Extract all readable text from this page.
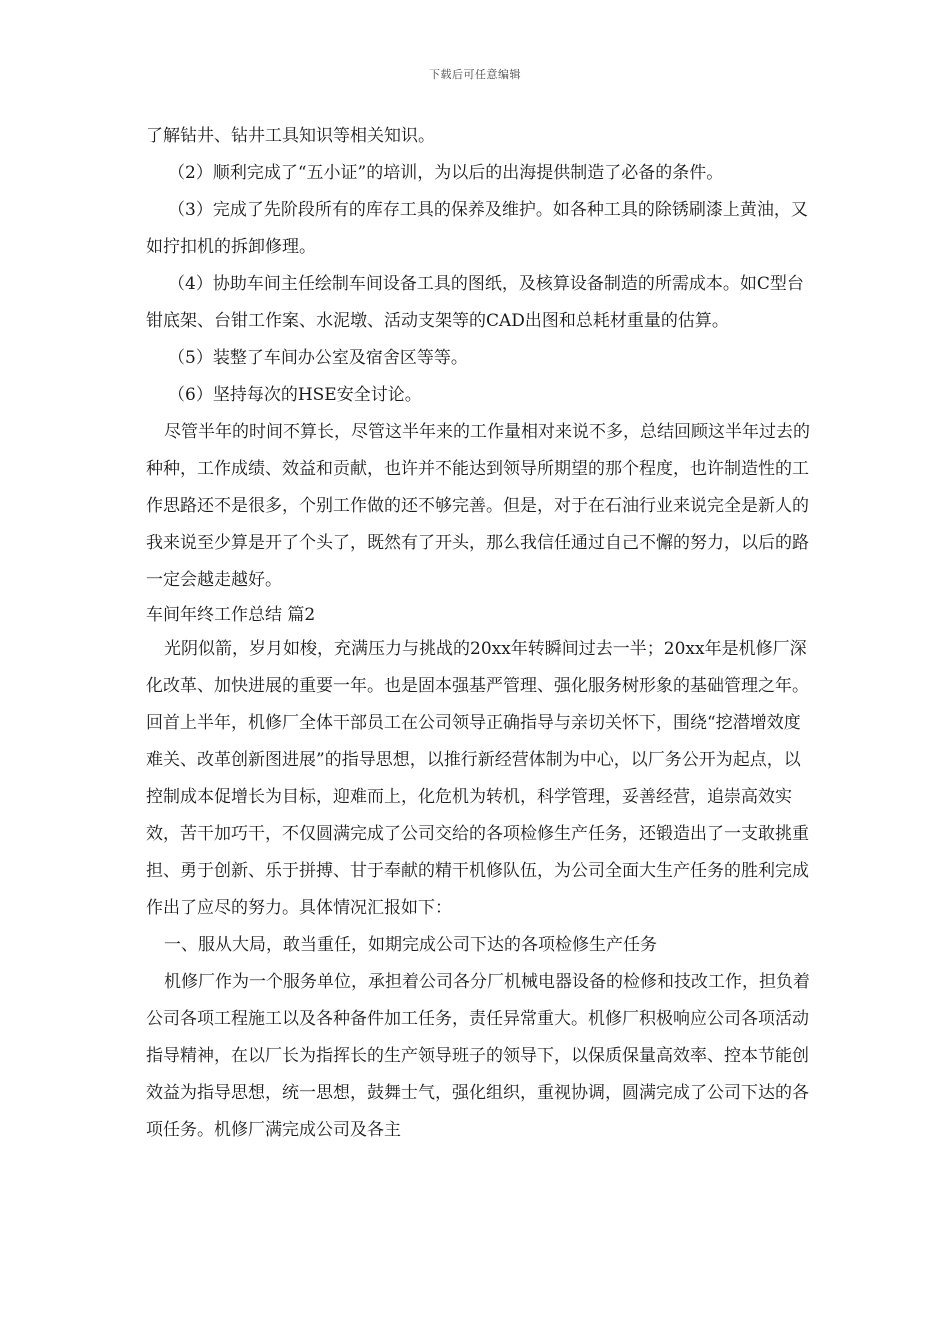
下载后可任意编辑

了解钻井、钻井工具知识等相关知识。

（2）顺利完成了“五小证”的培训，为以后的出海提供制造了必备的条件。

（3）完成了先阶段所有的库存工具的保养及维护。如各种工具的除锈刷漆上黄油，又如拧扣机的拆卸修理。

（4）协助车间主任绘制车间设备工具的图纸，及核算设备制造的所需成本。如C型台钳底架、台钳工作案、水泥墩、活动支架等的CAD出图和总耗材重量的估算。

（5）装整了车间办公室及宿舍区等等。

（6）坚持每次的HSE安全讨论。

尽管半年的时间不算长，尽管这半年来的工作量相对来说不多，总结回顾这半年过去的种种，工作成绩、效益和贡献，也许并不能达到领导所期望的那个程度，也许制造性的工作思路还不是很多，个别工作做的还不够完善。但是，对于在石油行业来说完全是新人的我来说至少算是开了个头了，既然有了开头，那么我信任通过自己不懈的努力，以后的路一定会越走越好。

车间年终工作总结 篇2

光阴似箭，岁月如梭，充满压力与挑战的20xx年转瞬间过去一半；20xx年是机修厂深化改革、加快进展的重要一年。也是固本强基严管理、强化服务树形象的基础管理之年。回首上半年，机修厂全体干部员工在公司领导正确指导与亲切关怀下，围绕“挖潜增效度难关、改革创新图进展”的指导思想，以推行新经营体制为中心，以厂务公开为起点，以控制成本促增长为目标，迎难而上，化危机为转机，科学管理，妥善经营，追崇高效实效，苦干加巧干，不仅圆满完成了公司交给的各项检修生产任务，还锻造出了一支敢挑重担、勇于创新、乐于拼搏、甘于奉献的精干机修队伍，为公司全面大生产任务的胜利完成作出了应尽的努力。具体情况汇报如下：

一、服从大局，敢当重任，如期完成公司下达的各项检修生产任务

机修厂作为一个服务单位，承担着公司各分厂机械电器设备的检修和技改工作，担负着公司各项工程施工以及各种备件加工任务，责任异常重大。机修厂积极响应公司各项活动指导精神，在以厂长为指挥长的生产领导班子的领导下，以保质保量高效率、控本节能创效益为指导思想，统一思想，鼓舞士气，强化组织，重视协调，圆满完成了公司下达的各项任务。机修厂满完成公司及各主
